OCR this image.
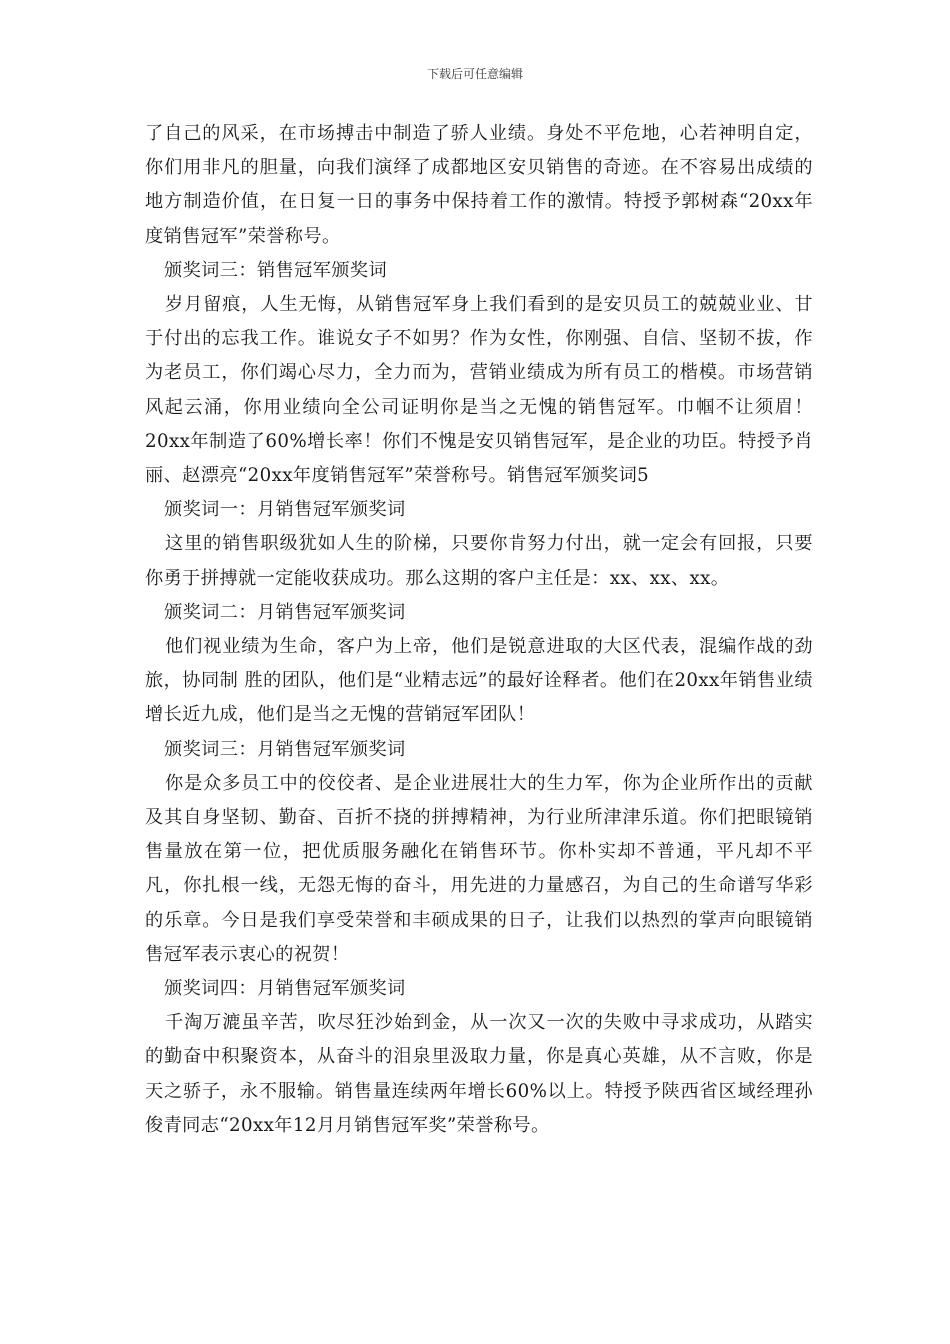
下载后可任意编辑

了自己的风采，在市场搏击中制造了骄人业绩。身处不平危地，心若神明自定，你们用非凡的胆量，向我们演绎了成都地区安贝销售的奇迹。在不容易出成绩的地方制造价值，在日复一日的事务中保持着工作的激情。特授予郭树森“20xx年度销售冠军”荣誉称号。

颁奖词三：销售冠军颁奖词

岁月留痕，人生无悔，从销售冠军身上我们看到的是安贝员工的兢兢业业、甘于付出的忘我工作。谁说女子不如男？作为女性，你刚强、自信、坚韧不拔，作为老员工，你们竭心尽力，全力而为，营销业绩成为所有员工的楷模。市场营销风起云涌，你用业绩向全公司证明你是当之无愧的销售冠军。巾帼不让须眉！20xx年制造了60%增长率！你们不愧是安贝销售冠军，是企业的功臣。特授予肖丽、赵漂亮“20xx年度销售冠军”荣誉称号。销售冠军颁奖词5

颁奖词一：月销售冠军颁奖词

这里的销售职级犹如人生的阶梯，只要你肯努力付出，就一定会有回报，只要你勇于拼搏就一定能收获成功。那么这期的客户主任是：xx、xx、xx。

颁奖词二：月销售冠军颁奖词

他们视业绩为生命，客户为上帝，他们是锐意进取的大区代表，混编作战的劲旅，协同制 胜的团队，他们是“业精志远”的最好诠释者。他们在20xx年销售业绩增长近九成，他们是当之无愧的营销冠军团队！

颁奖词三：月销售冠军颁奖词

你是众多员工中的佼佼者、是企业进展壮大的生力军，你为企业所作出的贡献及其自身坚韧、勤奋、百折不挠的拼搏精神，为行业所津津乐道。你们把眼镜销售量放在第一位，把优质服务融化在销售环节。你朴实却不普通，平凡却不平凡，你扎根一线，无怨无悔的奋斗，用先进的力量感召，为自己的生命谱写华彩的乐章。今日是我们享受荣誉和丰硕成果的日子，让我们以热烈的掌声向眼镜销售冠军表示衷心的祝贺！

颁奖词四：月销售冠军颁奖词

千淘万漉虽辛苦，吹尽狂沙始到金，从一次又一次的失败中寻求成功，从踏实的勤奋中积聚资本，从奋斗的泪泉里汲取力量，你是真心英雄，从不言败，你是天之骄子，永不服输。销售量连续两年增长60%以上。特授予陕西省区域经理孙俊青同志“20xx年12月月销售冠军奖”荣誉称号。
